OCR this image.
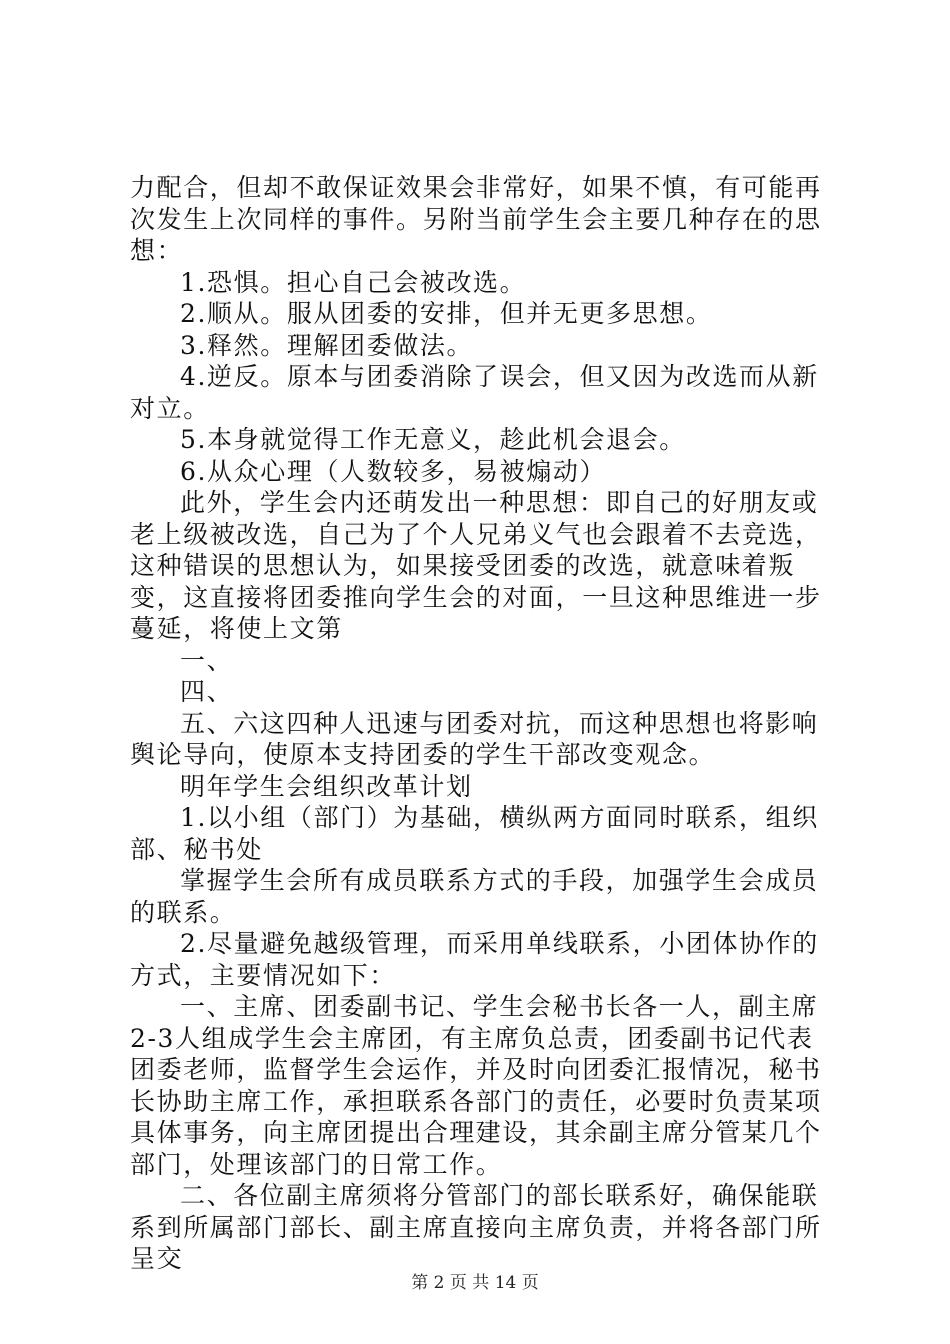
力配合，但却不敢保证效果会非常好，如果不慎，有可能再次发生上次同样的事件。另附当前学生会主要几种存在的思想：

1.恐惧。担心自己会被改选。

2.顺从。服从团委的安排，但并无更多思想。

3.释然。理解团委做法。

4.逆反。原本与团委消除了误会，但又因为改选而从新对立。

5.本身就觉得工作无意义，趁此机会退会。

6.从众心理（人数较多，易被煽动）

此外，学生会内还萌发出一种思想：即自己的好朋友或老上级被改选，自己为了个人兄弟义气也会跟着不去竞选，这种错误的思想认为，如果接受团委的改选，就意味着叛变，这直接将团委推向学生会的对面，一旦这种思维进一步蔓延，将使上文第

一、

四、

五、六这四种人迅速与团委对抗，而这种思想也将影响舆论导向，使原本支持团委的学生干部改变观念。

明年学生会组织改革计划

1.以小组（部门）为基础，横纵两方面同时联系，组织部、秘书处

掌握学生会所有成员联系方式的手段，加强学生会成员的联系。

2.尽量避免越级管理，而采用单线联系，小团体协作的方式，主要情况如下：

一、主席、团委副书记、学生会秘书长各一人，副主席2-3人组成学生会主席团，有主席负总责，团委副书记代表团委老师，监督学生会运作，并及时向团委汇报情况，秘书长协助主席工作，承担联系各部门的责任，必要时负责某项具体事务，向主席团提出合理建设，其余副主席分管某几个部门，处理该部门的日常工作。

二、各位副主席须将分管部门的部长联系好，确保能联系到所属部门部长、副主席直接向主席负责，并将各部门所呈交

第 2 页 共 14 页
